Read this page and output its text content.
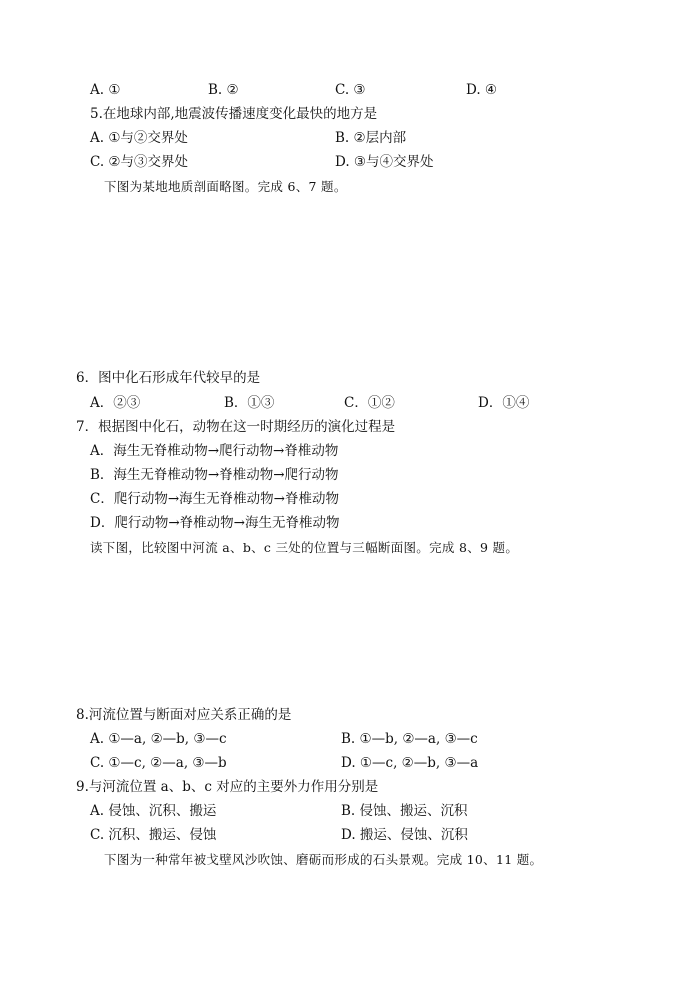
A. ①	B. ②	C. ③	D. ④
5.在地球内部,地震波传播速度变化最快的地方是
A. ①与②交界处	B. ②层内部
C. ②与③交界处	D. ③与④交界处
下图为某地地质剖面略图。完成 6、7 题。
6．图中化石形成年代较早的是
A．②③	B．①③	C．①②	D．①④
7．根据图中化石，动物在这一时期经历的演化过程是
A．海生无脊椎动物→爬行动物→脊椎动物
B．海生无脊椎动物→脊椎动物→爬行动物
C．爬行动物→海生无脊椎动物→脊椎动物
D．爬行动物→脊椎动物→海生无脊椎动物
读下图，比较图中河流 a、b、c 三处的位置与三幅断面图。完成 8、9 题。
8.河流位置与断面对应关系正确的是
A. ①—a, ②—b, ③—c	B. ①—b, ②—a, ③—c
C. ①—c, ②—a, ③—b	D. ①—c, ②—b, ③—a
9.与河流位置 a、b、c 对应的主要外力作用分别是
A. 侵蚀、沉积、搬运	B. 侵蚀、搬运、沉积
C. 沉积、搬运、侵蚀	D. 搬运、侵蚀、沉积
下图为一种常年被戈壁风沙吹蚀、磨砺而形成的石头景观。完成 10、11 题。
